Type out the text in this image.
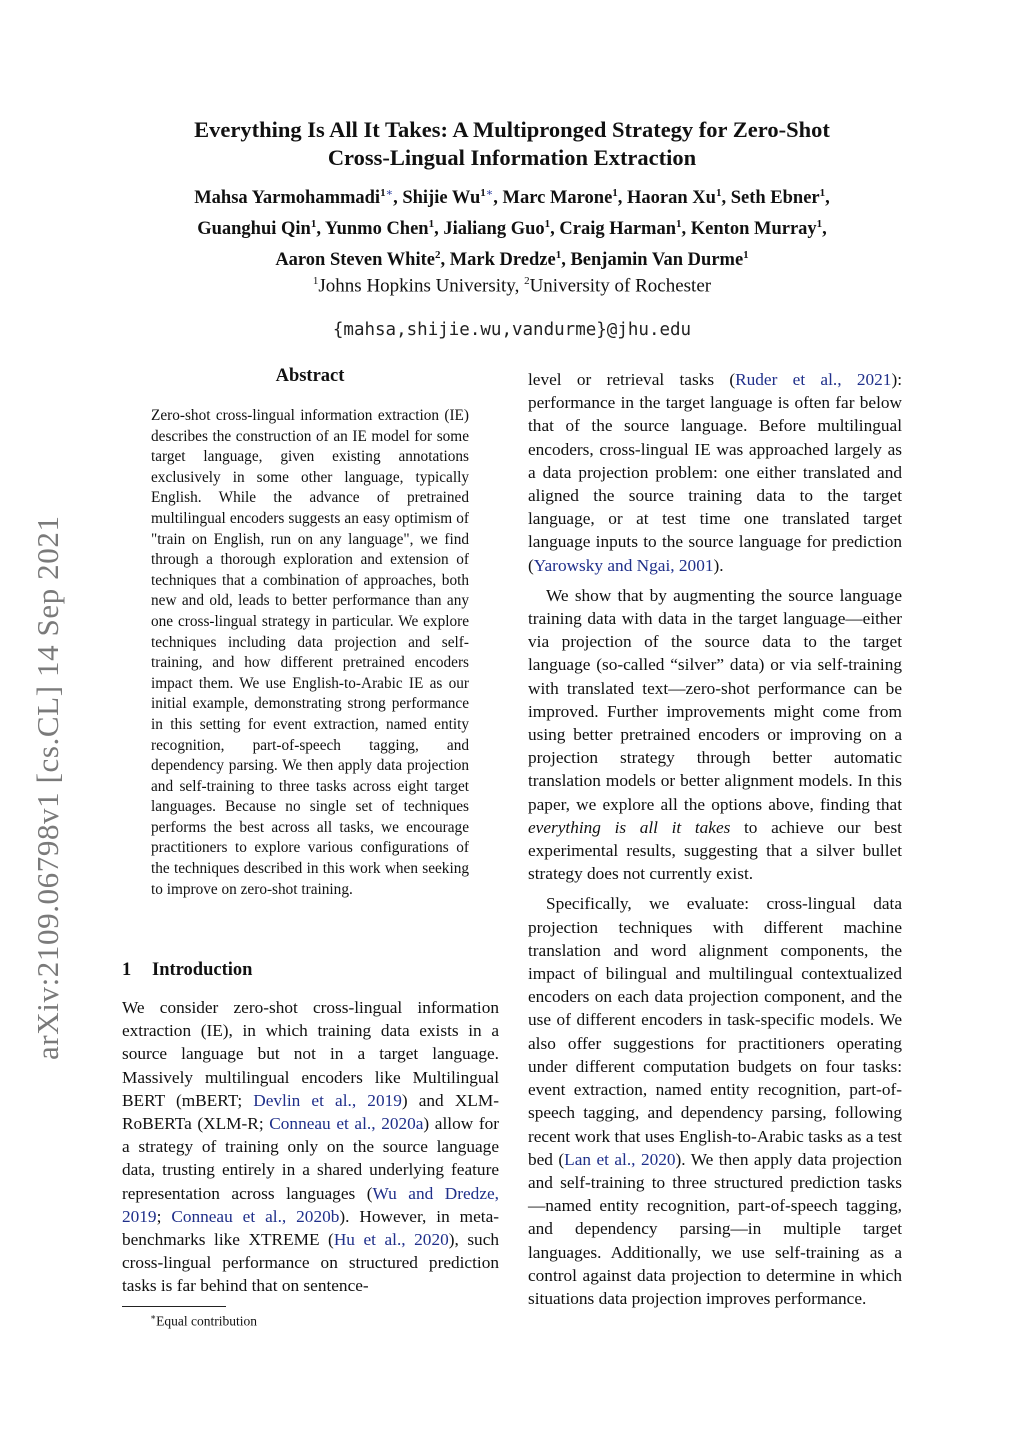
arXiv:2109.06798v1 [cs.CL] 14 Sep 2021
Everything Is All It Takes: A Multipronged Strategy for Zero-Shot
Cross-Lingual Information Extraction
Mahsa Yarmohammadi$^{1∗}$, Shijie $Wu^{1∗}$, Marc Marone$^1$, Haoran Xu$^1$, Seth Ebner$^1$,
Guanghui Qin$^1$, Yunmo Chen$^1$, Jialiang Guo$^1$, Craig Harman$^1$, Kenton Murray$^1$,
Aaron Steven White$^2$, Mark Dredze$^1$, Benjamin Van Durme$^1$
$^1$Johns Hopkins University, $^2$University of Rochester
{mahsa,shijie.wu,vandurme}@jhu.edu
Abstract
Zero-shot cross-lingual information extraction (IE) describes the construction of an IE model for some target language, given existing annotations exclusively in some other language, typically English. While the advance of pretrained multilingual encoders suggests an easy optimism of "train on English, run on any language", we find through a thorough exploration and extension of techniques that a combination of approaches, both new and old, leads to better performance than any one cross-lingual strategy in particular. We explore techniques including data projection and self-training, and how different pretrained encoders impact them. We use English-to-Arabic IE as our initial example, demonstrating strong performance in this setting for event extraction, named entity recognition, part-of-speech tagging, and dependency parsing. We then apply data projection and self-training to three tasks across eight target languages. Because no single set of techniques performs the best across all tasks, we encourage practitioners to explore various configurations of the techniques described in this work when seeking to improve on zero-shot training.
1 Introduction
We consider zero-shot cross-lingual information extraction (IE), in which training data exists in a source language but not in a target language. Massively multilingual encoders like Multilingual BERT (mBERT; Devlin et al., 2019) and XLM-RoBERTa (XLM-R; Conneau et al., 2020a) allow for a strategy of training only on the source language data, trusting entirely in a shared underlying feature representation across languages (Wu and Dredze, 2019; Conneau et al., 2020b). However, in meta-benchmarks like XTREME (Hu et al., 2020), such cross-lingual performance on structured prediction tasks is far behind that on sentence-
∗Equal contribution

level or retrieval tasks (Ruder et al., 2021): performance in the target language is often far below that of the source language. Before multilingual encoders, cross-lingual IE was approached largely as a data projection problem: one either translated and aligned the source training data to the target language, or at test time one translated target language inputs to the source language for prediction (Yarowsky and Ngai, 2001).

We show that by augmenting the source language training data with data in the target language—either via projection of the source data to the target language (so-called “silver” data) or via self-training with translated text—zero-shot performance can be improved. Further improvements might come from using better pretrained encoders or improving on a projection strategy through better automatic translation models or better alignment models. In this paper, we explore all the options above, finding that everything is all it takes to achieve our best experimental results, suggesting that a silver bullet strategy does not currently exist.

Specifically, we evaluate: cross-lingual data projection techniques with different machine translation and word alignment components, the impact of bilingual and multilingual contextualized encoders on each data projection component, and the use of different encoders in task-specific models. We also offer suggestions for practitioners operating under different computation budgets on four tasks: event extraction, named entity recognition, part-of-speech tagging, and dependency parsing, following recent work that uses English-to-Arabic tasks as a test bed (Lan et al., 2020). We then apply data projection and self-training to three structured prediction tasks—named entity recognition, part-of-speech tagging, and dependency parsing—in multiple target languages. Additionally, we use self-training as a control against data projection to determine in which situations data projection improves performance.
